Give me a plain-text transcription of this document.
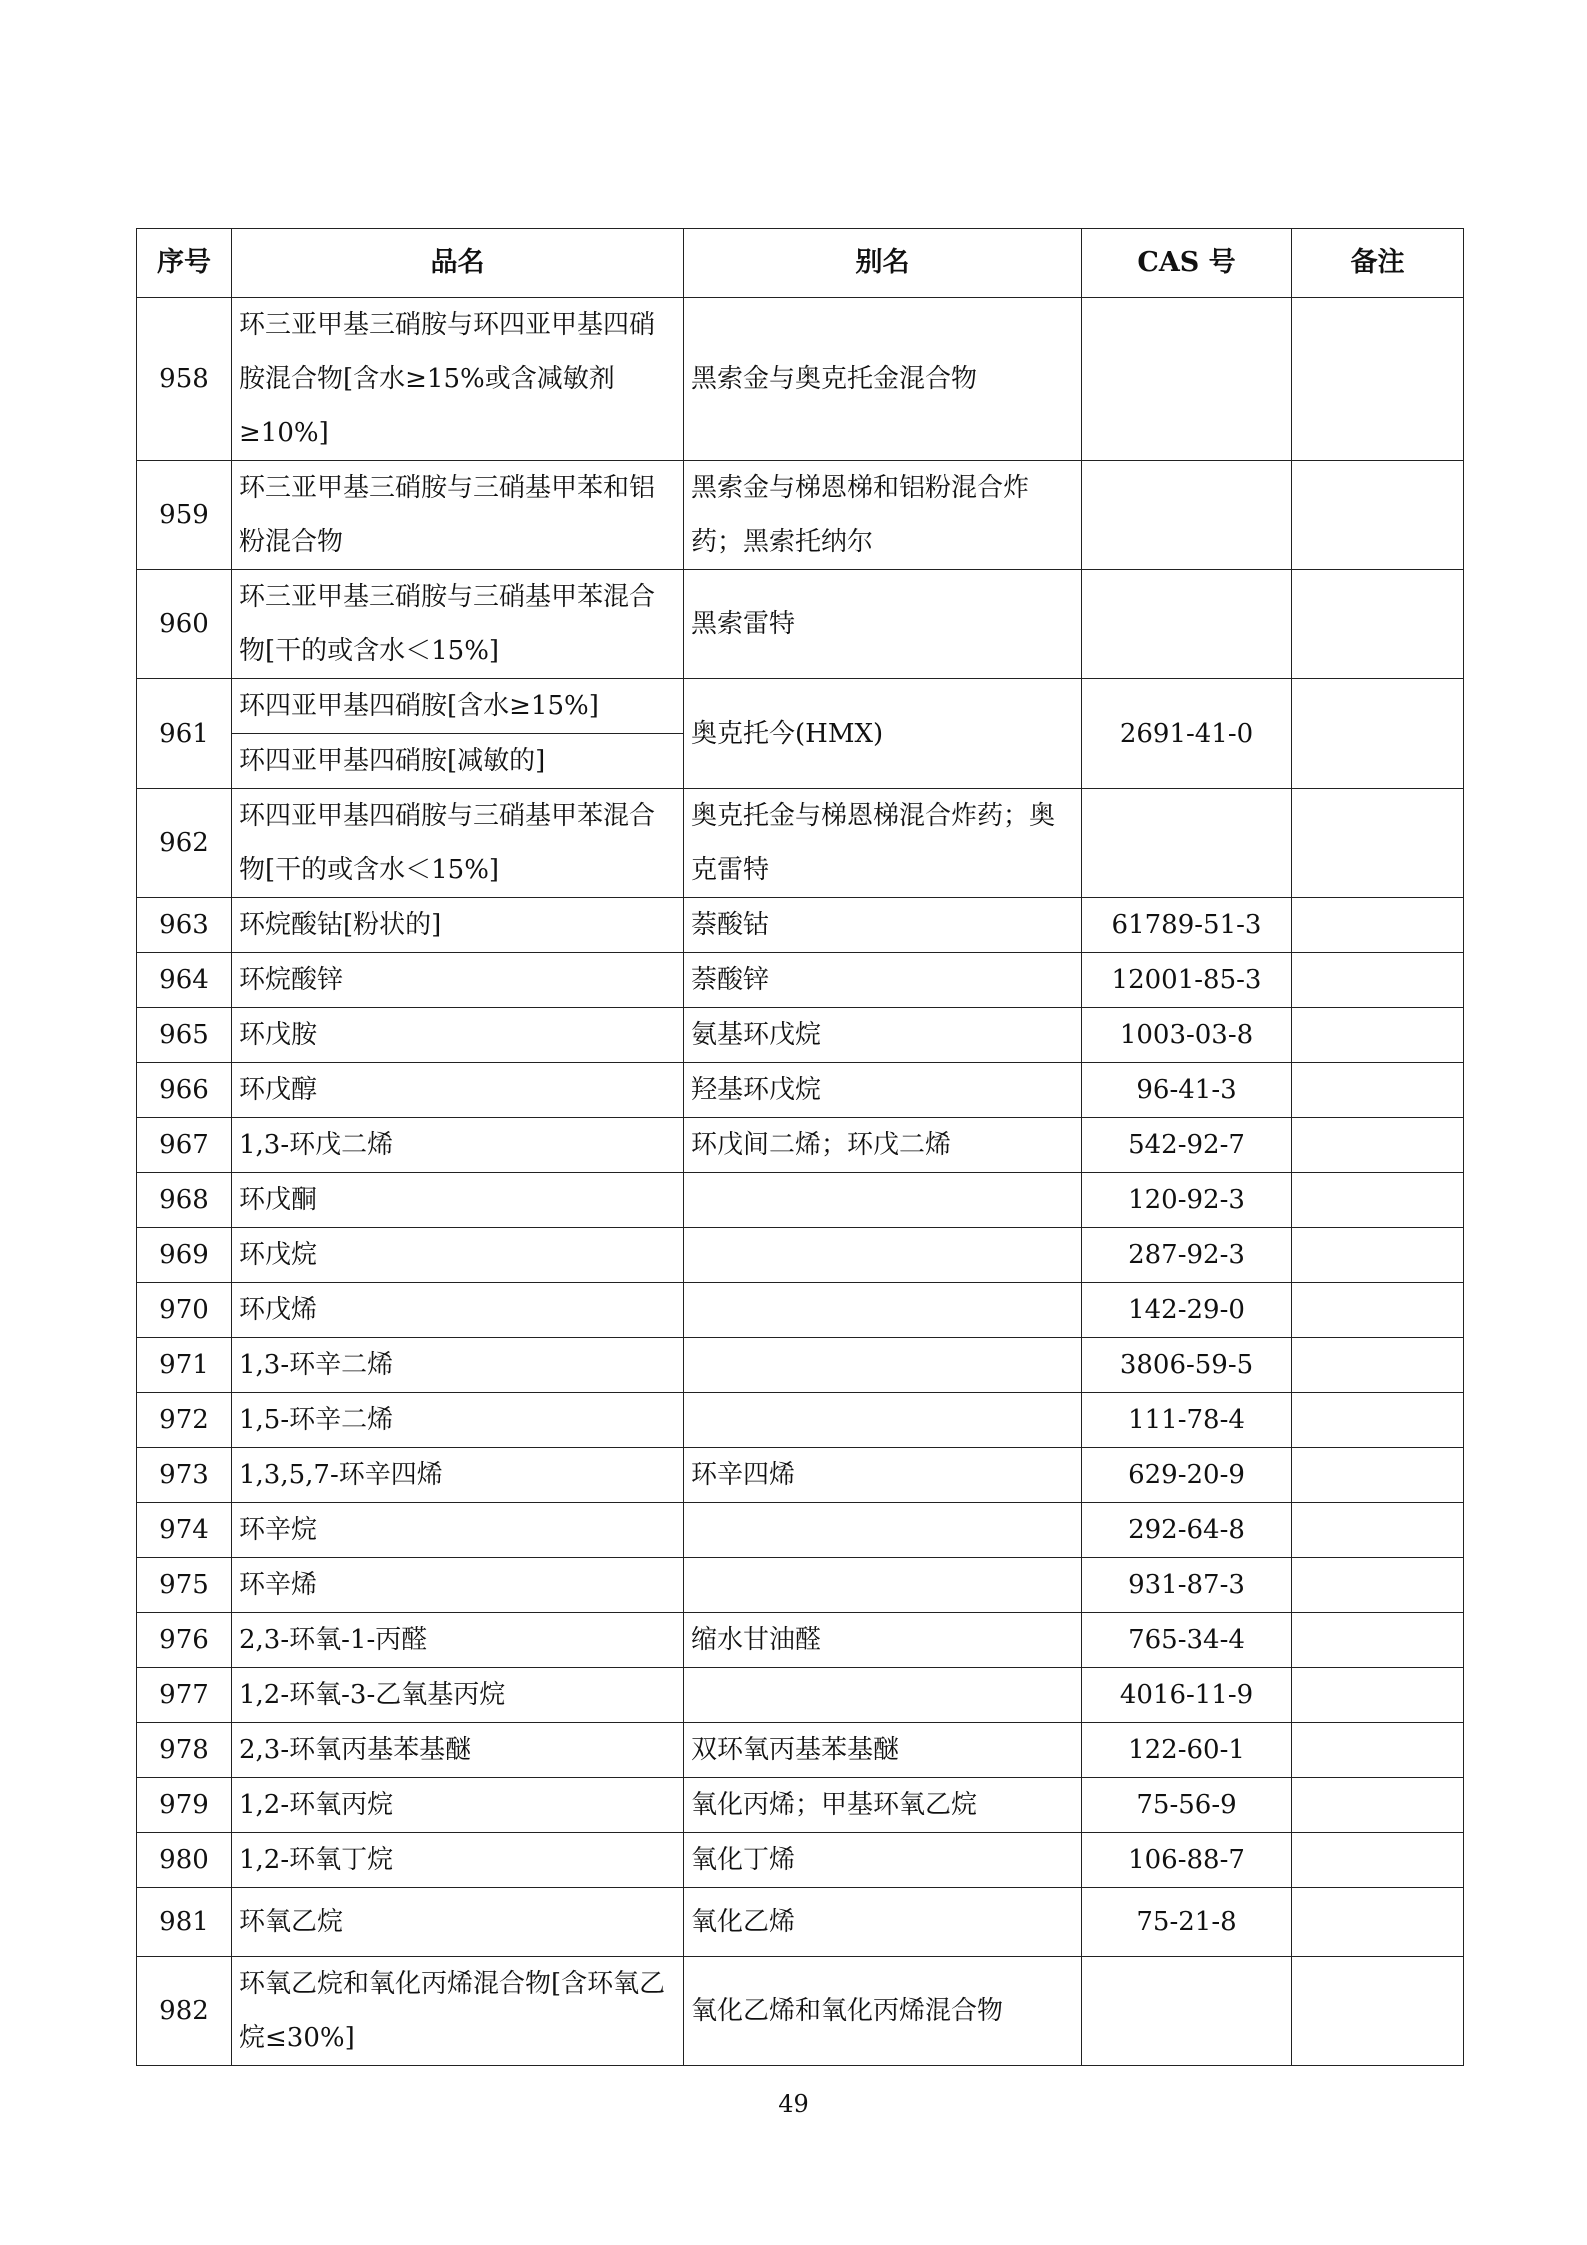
序号	品名	别名	CAS 号	备注
958	环三亚甲基三硝胺与环四亚甲基四硝胺混合物[含水≥15%或含减敏剂≥10%]	黑索金与奥克托金混合物		
959	环三亚甲基三硝胺与三硝基甲苯和铝粉混合物	黑索金与梯恩梯和铝粉混合炸药；黑索托纳尔		
960	环三亚甲基三硝胺与三硝基甲苯混合物[干的或含水＜15%]	黑索雷特		
961	环四亚甲基四硝胺[含水≥15%]	奥克托今(HMX)	2691-41-0	
	环四亚甲基四硝胺[减敏的]			
962	环四亚甲基四硝胺与三硝基甲苯混合物[干的或含水＜15%]	奥克托金与梯恩梯混合炸药；奥克雷特		
963	环烷酸钴[粉状的]	萘酸钴	61789-51-3	
964	环烷酸锌	萘酸锌	12001-85-3	
965	环戊胺	氨基环戊烷	1003-03-8	
966	环戊醇	羟基环戊烷	96-41-3	
967	1,3-环戊二烯	环戊间二烯；环戊二烯	542-92-7	
968	环戊酮		120-92-3	
969	环戊烷		287-92-3	
970	环戊烯		142-29-0	
971	1,3-环辛二烯		3806-59-5	
972	1,5-环辛二烯		111-78-4	
973	1,3,5,7-环辛四烯	环辛四烯	629-20-9	
974	环辛烷		292-64-8	
975	环辛烯		931-87-3	
976	2,3-环氧-1-丙醛	缩水甘油醛	765-34-4	
977	1,2-环氧-3-乙氧基丙烷		4016-11-9	
978	2,3-环氧丙基苯基醚	双环氧丙基苯基醚	122-60-1	
979	1,2-环氧丙烷	氧化丙烯；甲基环氧乙烷	75-56-9	
980	1,2-环氧丁烷	氧化丁烯	106-88-7	
981	环氧乙烷	氧化乙烯	75-21-8	
982	环氧乙烷和氧化丙烯混合物[含环氧乙烷≤30%]	氧化乙烯和氧化丙烯混合物		
49
